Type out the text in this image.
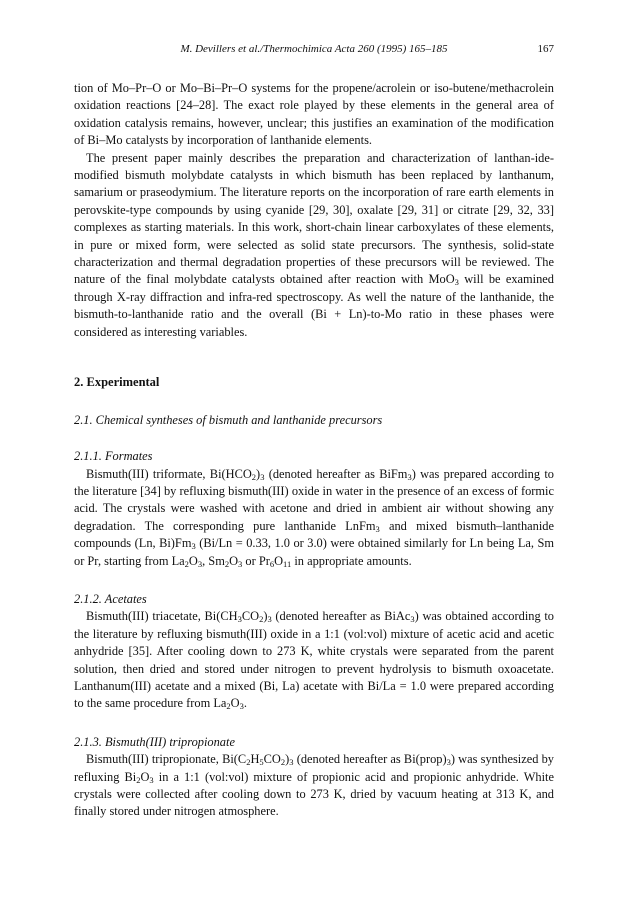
M. Devillers et al./Thermochimica Acta 260 (1995) 165–185	167

tion of Mo–Pr–O or Mo–Bi–Pr–O systems for the propene/acrolein or iso-butene/methacrolein oxidation reactions [24–28]. The exact role played by these elements in the general area of oxidation catalysis remains, however, unclear; this justifies an examination of the modification of Bi–Mo catalysts by incorporation of lanthanide elements.

The present paper mainly describes the preparation and characterization of lanthan-ide-modified bismuth molybdate catalysts in which bismuth has been replaced by lanthanum, samarium or praseodymium. The literature reports on the incorporation of rare earth elements in perovskite-type compounds by using cyanide [29, 30], oxalate [29, 31] or citrate [29, 32, 33] complexes as starting materials. In this work, short-chain linear carboxylates of these elements, in pure or mixed form, were selected as solid state precursors. The synthesis, solid-state characterization and thermal degradation properties of these precursors will be reviewed. The nature of the final molybdate catalysts obtained after reaction with MoO$_3$ will be examined through X-ray diffraction and infra-red spectroscopy. As well the nature of the lanthanide, the bismuth-to-lanthanide ratio and the overall (Bi + Ln)-to-Mo ratio in these phases were considered as interesting variables.

2. Experimental
2.1. Chemical syntheses of bismuth and lanthanide precursors
2.1.1. Formates

Bismuth(III) triformate, $Bi(HCO_2)_3$ (denoted hereafter as BiFm$_3$) was prepared according to the literature [34] by refluxing bismuth(III) oxide in water in the presence of an excess of formic acid. The crystals were washed with acetone and dried in ambient air without showing any degradation. The corresponding pure lanthanide LnFm$_3$ and mixed bismuth–lanthanide compounds (Ln, $Bi)Fm_3$ (Bi/Ln = 0.33, 1.0 or 3.0) were obtained similarly for Ln being La, Sm or Pr, starting from $La_2O_3$, $Sm_2O_3$ or $Pr_6O_{11}$ in appropriate amounts.

2.1.2. Acetates

Bismuth(III) triacetate, $Bi(CH_3CO_2)_3$ (denoted hereafter as BiAc$_3$) was obtained according to the literature by refluxing bismuth(III) oxide in a 1:1 (vol:vol) mixture of acetic acid and acetic anhydride [35]. After cooling down to 273 K, white crystals were separated from the parent solution, then dried and stored under nitrogen to prevent hydrolysis to bismuth oxoacetate. Lanthanum(III) acetate and a mixed (Bi, La) acetate with Bi/La = 1.0 were prepared according to the same procedure from $La_2O_3$.

2.1.3. Bismuth(III) tripropionate

Bismuth(III) tripropionate, $Bi(C_2H_5CO_2)_3$ (denoted hereafter as $Bi(prop)_3$) was synthesized by refluxing $Bi_2O_3$ in a 1:1 (vol:vol) mixture of propionic acid and propionic anhydride. White crystals were collected after cooling down to 273 K, dried by vacuum heating at 313 K, and finally stored under nitrogen atmosphere.
